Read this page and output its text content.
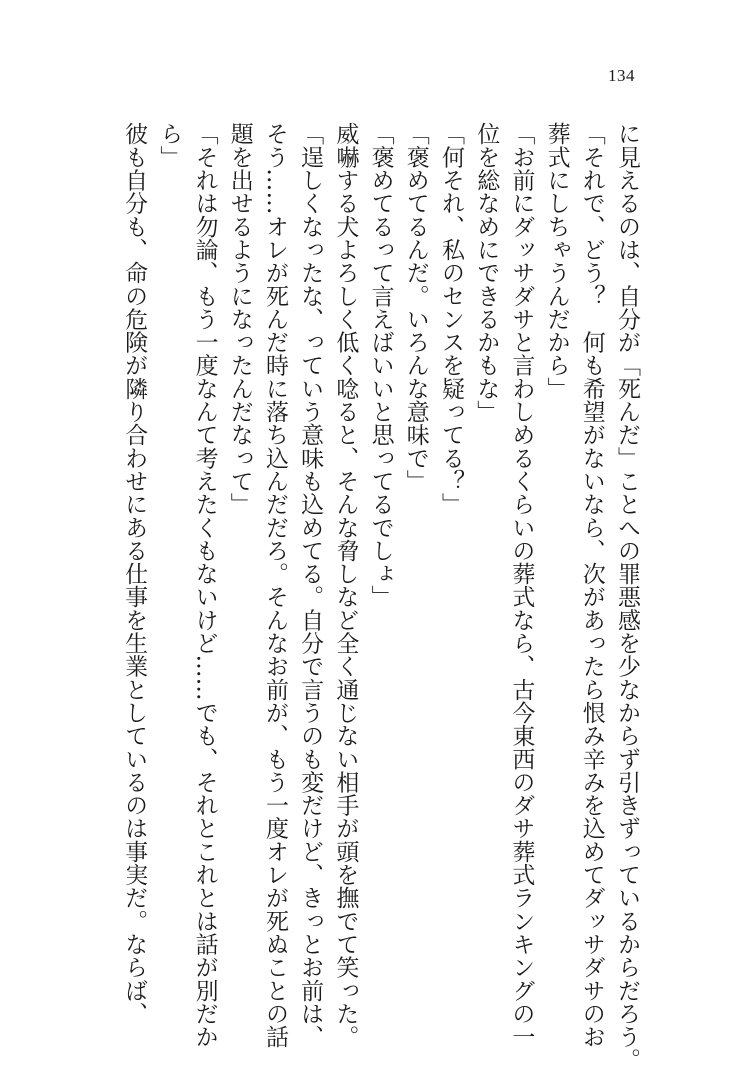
134
に見えるのは、自分が「死んだ」ことへの罪悪感を少なからず引きずっているからだろう。
「それで、どう？　何も希望がないなら、次があったら恨み辛みを込めてダッサダサのお
葬式にしちゃうんだから」
「お前にダッサダサと言わしめるくらいの葬式なら、古今東西のダサ葬式ランキングの一
位を総なめにできるかもな」
「何それ、私のセンスを疑ってる？」
「褒めてるんだ。いろんな意味で」
「褒めてるって言えばいいと思ってるでしょ」
威嚇する犬よろしく低く唸ると、そんな脅しなど全く通じない相手が頭を撫でて笑った。
「逞しくなったな、っていう意味も込めてる。自分で言うのも変だけど、きっとお前は、
そう……オレが死んだ時に落ち込んだだろ。そんなお前が、もう一度オレが死ぬことの話
題を出せるようになったんだなって」
「それは勿論、もう一度なんて考えたくもないけど……でも、それとこれとは話が別だか
ら」
彼も自分も、命の危険が隣り合わせにある仕事を生業としているのは事実だ。ならば、
